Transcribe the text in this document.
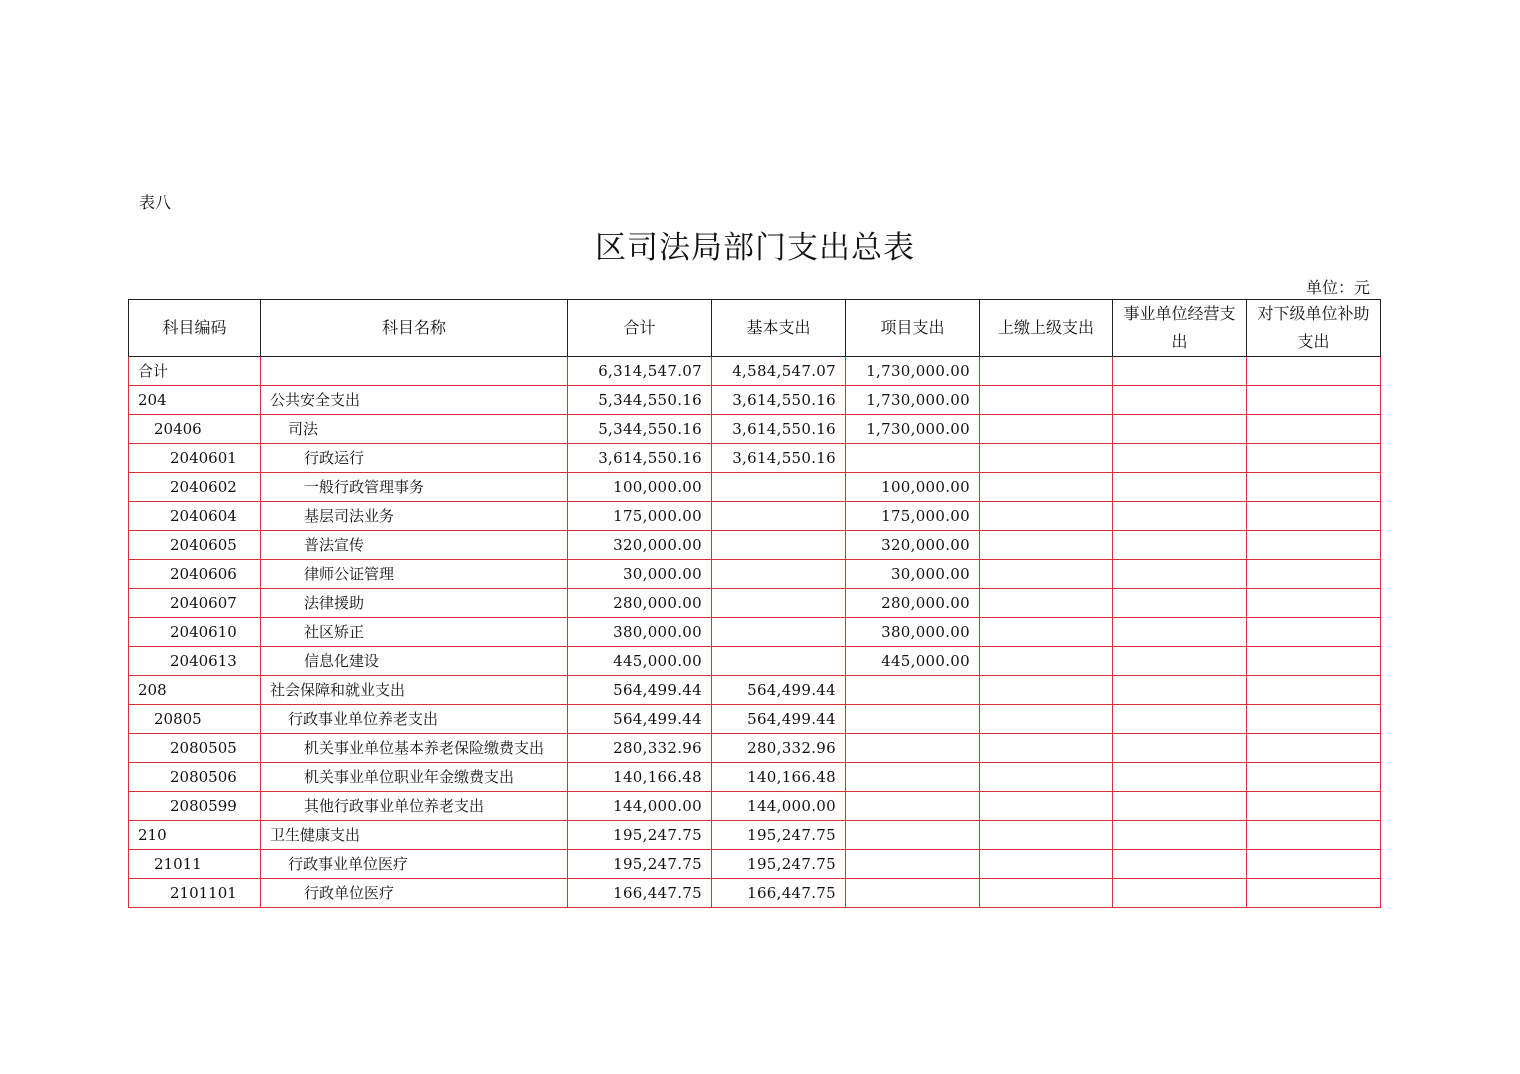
表八
区司法局部门支出总表
单位：元
科目编码	科目名称	合计	基本支出	项目支出	上缴上级支出	事业单位经营支出	对下级单位补助支出
合计		6,314,547.07	4,584,547.07	1,730,000.00			
204	公共安全支出	5,344,550.16	3,614,550.16	1,730,000.00			
20406	司法	5,344,550.16	3,614,550.16	1,730,000.00			
2040601	行政运行	3,614,550.16	3,614,550.16				
2040602	一般行政管理事务	100,000.00		100,000.00			
2040604	基层司法业务	175,000.00		175,000.00			
2040605	普法宣传	320,000.00		320,000.00			
2040606	律师公证管理	30,000.00		30,000.00			
2040607	法律援助	280,000.00		280,000.00			
2040610	社区矫正	380,000.00		380,000.00			
2040613	信息化建设	445,000.00		445,000.00			
208	社会保障和就业支出	564,499.44	564,499.44				
20805	行政事业单位养老支出	564,499.44	564,499.44				
2080505	机关事业单位基本养老保险缴费支出	280,332.96	280,332.96				
2080506	机关事业单位职业年金缴费支出	140,166.48	140,166.48				
2080599	其他行政事业单位养老支出	144,000.00	144,000.00				
210	卫生健康支出	195,247.75	195,247.75				
21011	行政事业单位医疗	195,247.75	195,247.75				
2101101	行政单位医疗	166,447.75	166,447.75				
